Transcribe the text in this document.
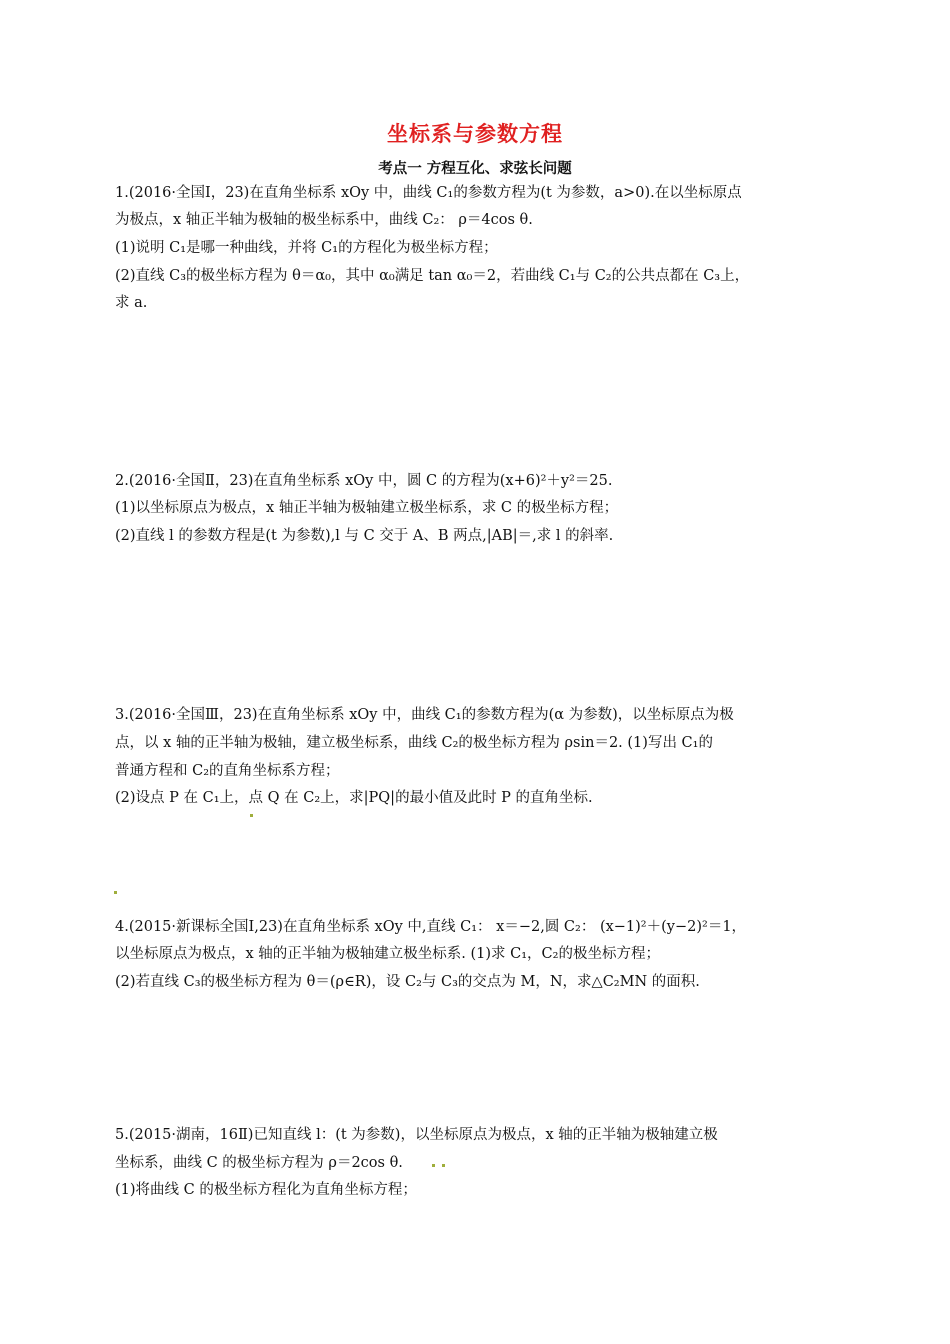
坐标系与参数方程
考点一 方程互化、求弦长问题
1.(2016·全国Ⅰ，23)在直角坐标系 xOy 中，曲线 C₁的参数方程为(t 为参数，a>0).在以坐标原点
为极点，x 轴正半轴为极轴的极坐标系中，曲线 C₂： ρ＝4cos θ.
(1)说明 C₁是哪一种曲线，并将 C₁的方程化为极坐标方程；
(2)直线 C₃的极坐标方程为 θ＝α₀，其中 α₀满足 tan α₀＝2，若曲线 C₁与 C₂的公共点都在 C₃上，
求 a.
2.(2016·全国Ⅱ，23)在直角坐标系 xOy 中，圆 C 的方程为(x+6)²＋y²＝25.
(1)以坐标原点为极点，x 轴正半轴为极轴建立极坐标系，求 C 的极坐标方程；
(2)直线 l 的参数方程是(t 为参数),l 与 C 交于 A、B 两点,|AB|＝,求 l 的斜率.
3.(2016·全国Ⅲ，23)在直角坐标系 xOy 中，曲线 C₁的参数方程为(α 为参数)，以坐标原点为极
点，以 x 轴的正半轴为极轴，建立极坐标系，曲线 C₂的极坐标方程为 ρsin＝2. (1)写出 C₁的
普通方程和 C₂的直角坐标系方程；
(2)设点 P 在 C₁上，点 Q 在 C₂上，求|PQ|的最小值及此时 P 的直角坐标.
4.(2015·新课标全国Ⅰ,23)在直角坐标系 xOy 中,直线 C₁： x＝−2,圆 C₂： (x−1)²＋(y−2)²＝1，
以坐标原点为极点，x 轴的正半轴为极轴建立极坐标系. (1)求 C₁，C₂的极坐标方程；
(2)若直线 C₃的极坐标方程为 θ＝(ρ∈R)，设 C₂与 C₃的交点为 M，N，求△C₂MN 的面积.
5.(2015·湖南，16Ⅱ)已知直线 l：(t 为参数)，以坐标原点为极点，x 轴的正半轴为极轴建立极
坐标系，曲线 C 的极坐标方程为 ρ＝2cos θ.
(1)将曲线 C 的极坐标方程化为直角坐标方程；
